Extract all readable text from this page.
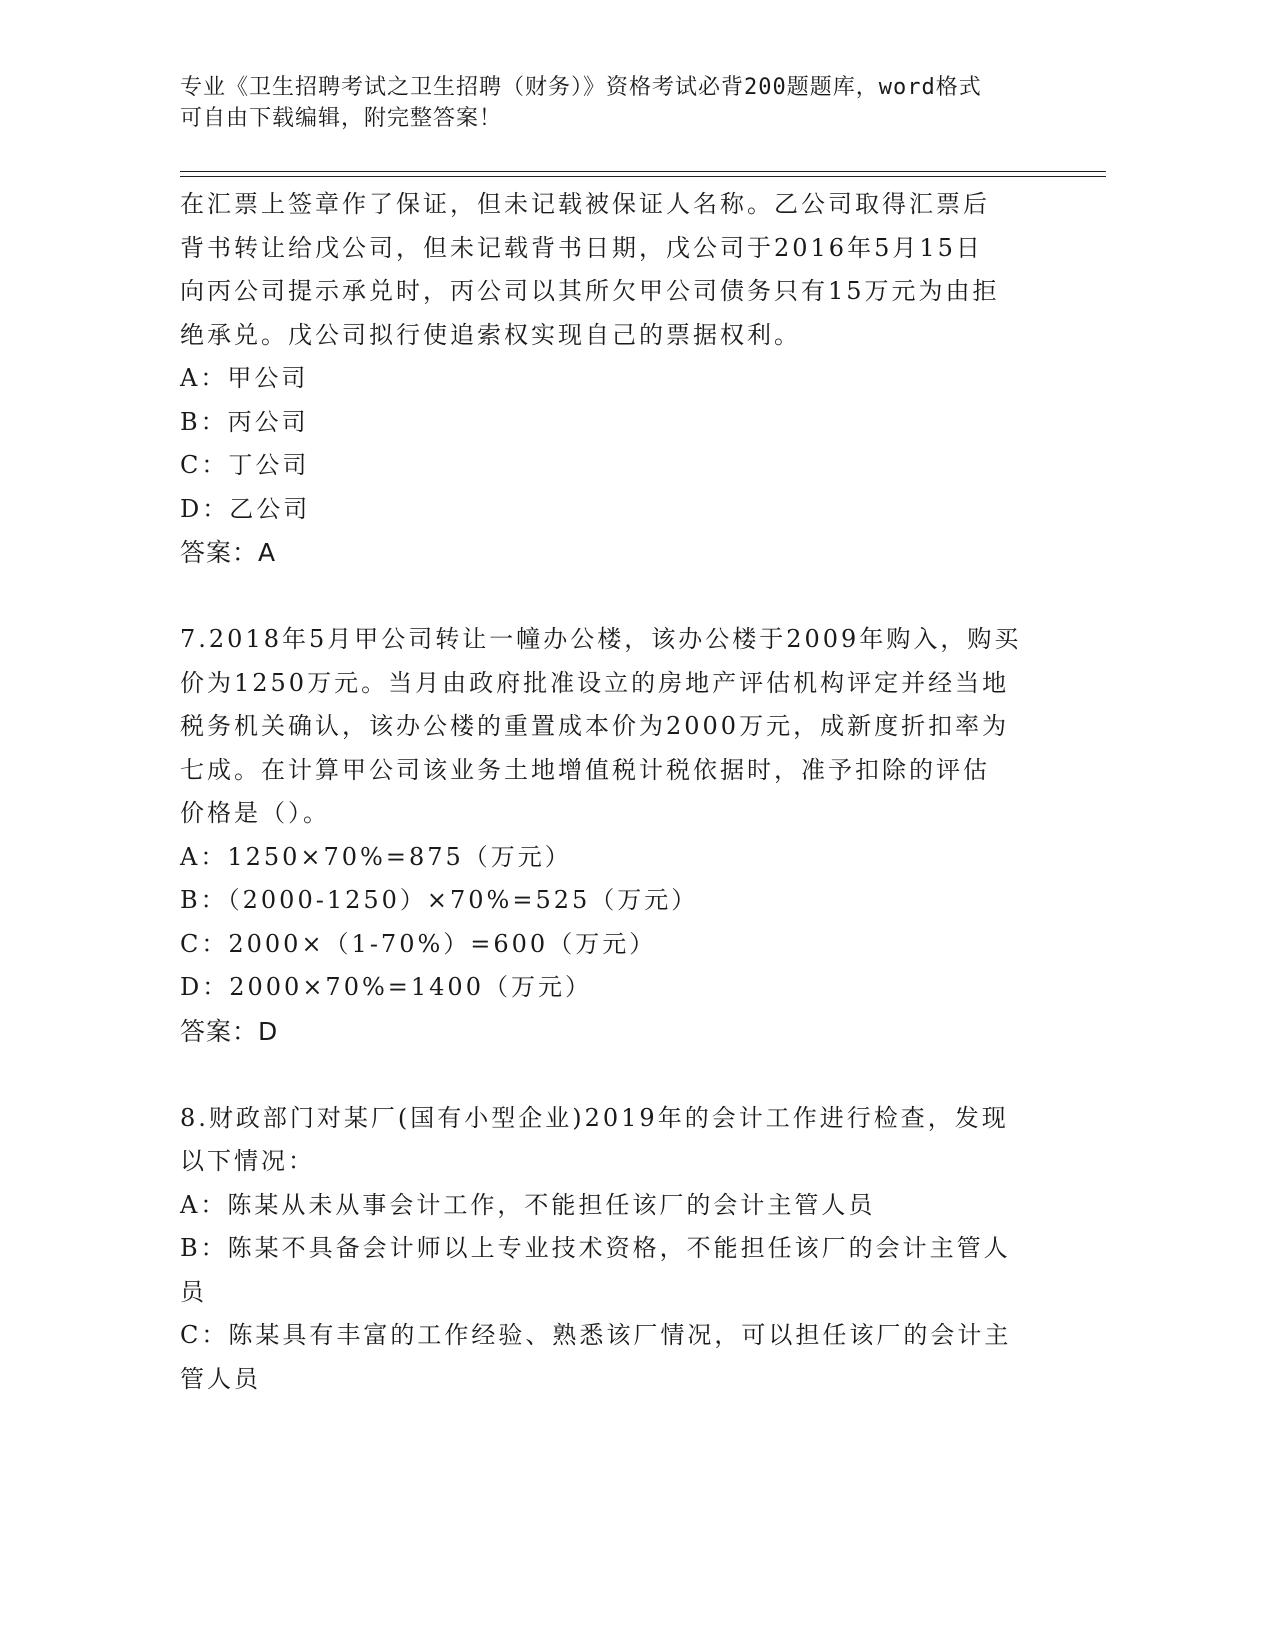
专业《卫生招聘考试之卫生招聘（财务）》资格考试必背200题题库，word格式
可自由下载编辑，附完整答案！
在汇票上签章作了保证，但未记载被保证人名称。乙公司取得汇票后
背书转让给戊公司，但未记载背书日期，戊公司于2016年5月15日
向丙公司提示承兑时，丙公司以其所欠甲公司债务只有15万元为由拒
绝承兑。戊公司拟行使追索权实现自己的票据权利。
A：甲公司
B：丙公司
C：丁公司
D：乙公司
答案：A
7.2018年5月甲公司转让一幢办公楼，该办公楼于2009年购入，购买
价为1250万元。当月由政府批准设立的房地产评估机构评定并经当地
税务机关确认，该办公楼的重置成本价为2000万元，成新度折扣率为
七成。在计算甲公司该业务土地增值税计税依据时，准予扣除的评估
价格是（）。
A：1250×70%=875（万元）
B：（2000-1250）×70%=525（万元）
C：2000×（1-70%）=600（万元）
D：2000×70%=1400（万元）
答案：D
8.财政部门对某厂(国有小型企业)2019年的会计工作进行检查，发现
以下情况：
A：陈某从未从事会计工作，不能担任该厂的会计主管人员
B：陈某不具备会计师以上专业技术资格，不能担任该厂的会计主管人
员
C：陈某具有丰富的工作经验、熟悉该厂情况，可以担任该厂的会计主
管人员
